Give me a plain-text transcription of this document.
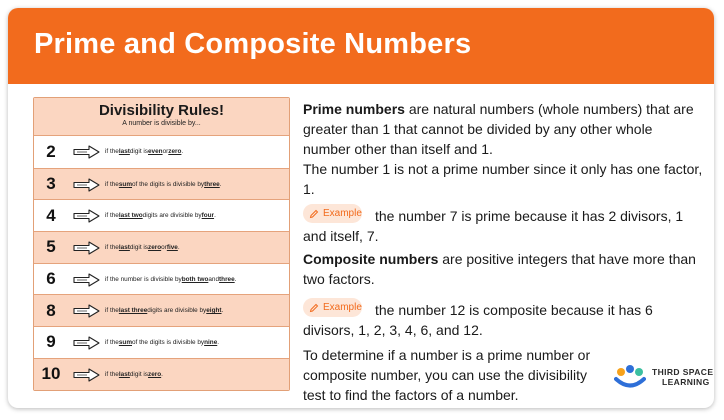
Prime and Composite Numbers
Divisibility Rules!
A number is divisible by...
2	if the last digit is even or zero .
3	if the sum of the digits is divisible by three .
4	if the last two digits are divisible by four .
5	if the last digit is zero or five .
6	if the number is divisible by both two and three .
8	if the last three digits are divisible by eight .
9	if the sum of the digits is divisible by nine .
10	if the last digit is zero .

Prime numbers are natural numbers (whole numbers) that are greater than 1 that cannot be divided by any other whole number other than itself and 1.

The number 1 is not a prime number since it only has one factor, 1.

Example the number 7 is prime because it has 2 divisors, 1 and itself, 7.

Composite numbers are positive integers that have more than two factors.

Example the number 12 is composite because it has 6 divisors, 1, 2, 3, 4, 6, and 12.

To determine if a number is a prime number or composite number, you can use the divisibility test to find the factors of a number.

THIRD SPACE
LEARNING
